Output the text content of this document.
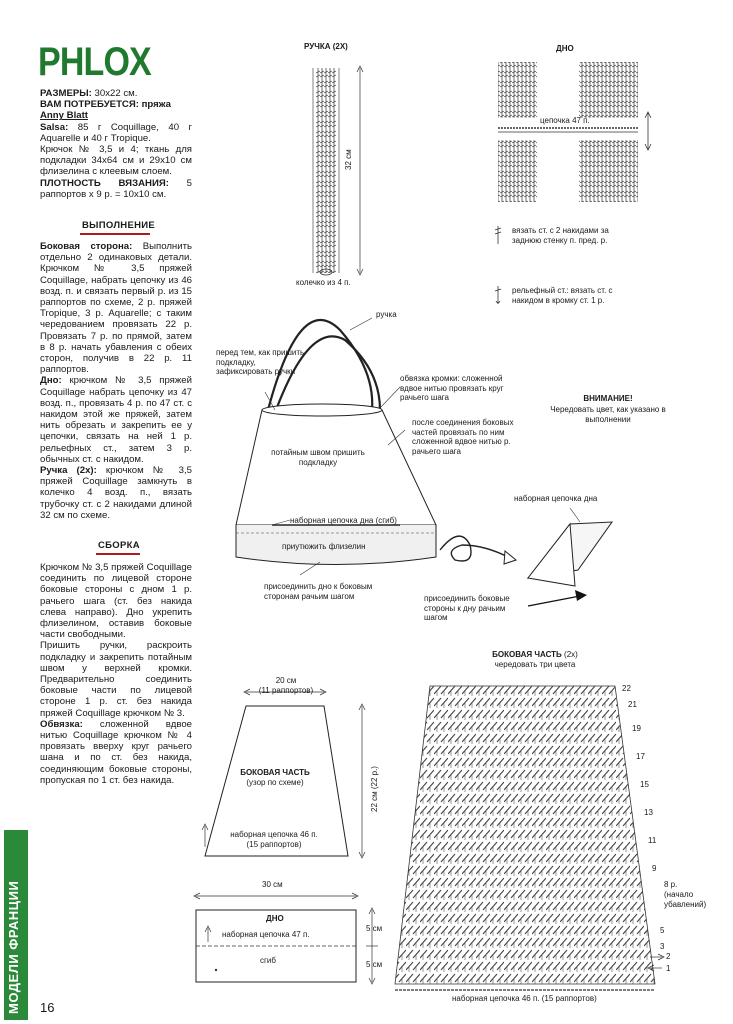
PHLOX

РАЗМЕРЫ: 30х22 см.

ВАМ ПОТРЕБУЕТСЯ: пряжа

Anny Blatt

Salsa: 85 г Coquillage, 40 г Aquarelle и 40 г Tropique.

Крючок № 3,5 и 4; ткань для подкладки 34х64 см и 29х10 см флизелина с клеевым слоем.

ПЛОТНОСТЬ ВЯЗАНИЯ: 5 раппортов х 9 р. = 10х10 см.

ВЫПОЛНЕНИЕ

Боковая сторона: Выполнить отдельно 2 одинаковых детали. Крючком № 3,5 пряжей Coquillage, набрать цепочку из 46 возд. п. и связать первый р. из 15 раппортов по схеме, 2 р. пряжей Tropique, 3 р. Aquarelle; с таким чередованием провязать 22 р. Провязать 7 р. по прямой, затем в 8 р. начать убавления с обеих сторон, получив в 22 р. 11 раппортов.

Дно: крючком № 3,5 пряжей Coquillage набрать цепочку из 47 возд. п., провязать 4 р. по 47 ст. с накидом этой же пряжей, затем нить обрезать и закрепить ее у цепочки, связать на ней 1 р. рельефных ст., затем 3 р. обычных ст. с накидом.

Ручка (2х): крючком № 3,5 пряжей Coquillage замкнуть в колечко 4 возд. п., вязать трубочку ст. с 2 накидами длиной 32 см по схеме.

СБОРКА

Крючком № 3,5 пряжей Coquillage соединить по лицевой стороне боковые стороны с дном 1 р. рачьего шага (ст. без накида слева направо). Дно укрепить флизелином, оставив боковые части свободными.

Пришить ручки, раскроить подкладку и закрепить потайным швом у верхней кромки. Предварительно соединить боковые части по лицевой стороне 1 р. ст. без накида пряжей Coquillage крючком № 3.

Обвязка: сложенной вдвое нитью Coquillage крючком № 4 провязать вверху круг рачьего шана и по ст. без накида, соединяющим боковые стороны, пропуская по 1 ст. без накида.

РУЧКА (2Х)
32 см
колечко из 4 п.
ДНО
цепочка 47 п.
вязать ст. с 2 накидами за заднюю стенку п. пред. р.
рельефный ст.: вязать ст. с накидом в кромку ст. 1 р.
ручка
перед тем, как пришить подкладку, зафиксировать ручки
обвязка кромки: сложенной вдвое нитью провязать круг рачьего шага
потайным швом пришить подкладку
после соединения боковых частей провязать по ним сложенной вдвое нитью р. рачьего шага
наборная цепочка дна (сгиб)
приутюжить флизелин
присоединить дно к боковым сторонам рачьим шагом
наборная цепочка дна
присоединить боковые стороны к дну рачьим шагом
ВНИМАНИЕ!
Чередовать цвет, как указано в выполнении
20 см
(11 раппортов)
БОКОВАЯ ЧАСТЬ
(узор по схеме)	22 см (22 р.)
наборная цепочка 46 п.
(15 раппортов)
30 см
ДНО
наборная цепочка 47 п.
сгиб
5 см
5 см
БОКОВАЯ ЧАСТЬ (2х)
чередовать три цвета
22
21
19
17
15
13
11
9
8 р.
(начало
убавлений)
5
3
2
1
наборная цепочка 46 п. (15 раппортов)
МОДЕЛИ ФРАНЦИИ 16
